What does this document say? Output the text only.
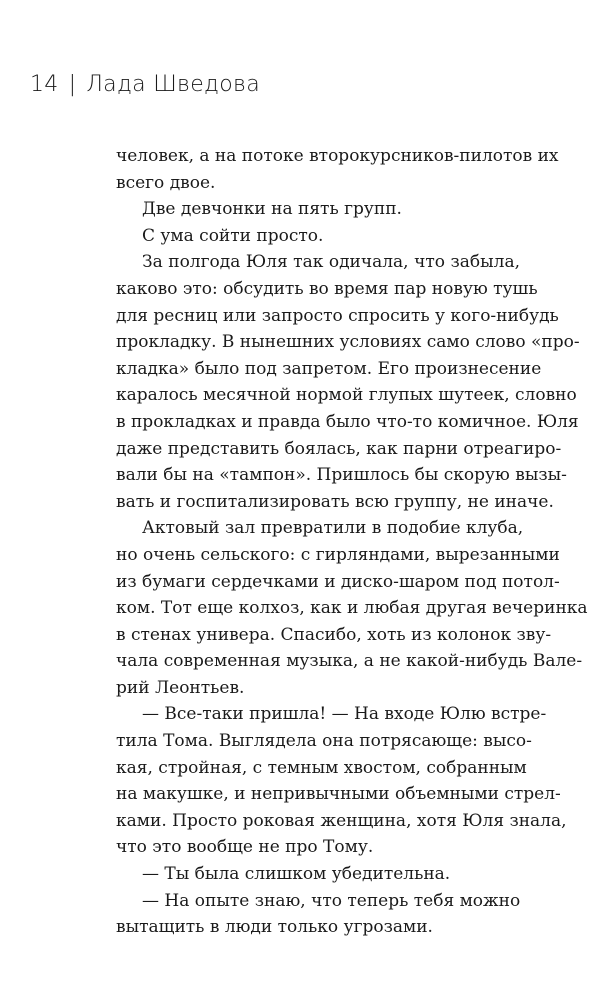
14 | Лада Шведова
человек, а на потоке второкурсников-пилотов их
всего двое.
Две девчонки на пять групп.
С ума сойти просто.
За полгода Юля так одичала, что забыла,
каково это: обсудить во время пар новую тушь
для ресниц или запросто спросить у кого-нибудь
прокладку. В нынешних условиях само слово «про-
кладка» было под запретом. Его произнесение
каралось месячной нормой глупых шутеек, словно
в прокладках и правда было что-то комичное. Юля
даже представить боялась, как парни отреагиро-
вали бы на «тампон». Пришлось бы скорую вызы-
вать и госпитализировать всю группу, не иначе.
Актовый зал превратили в подобие клуба,
но очень сельского: с гирляндами, вырезанными
из бумаги сердечками и диско-шаром под потол-
ком. Тот еще колхоз, как и любая другая вечеринка
в стенах универа. Спасибо, хоть из колонок зву-
чала современная музыка, а не какой-нибудь Вале-
рий Леонтьев.
— Все-таки пришла! — На входе Юлю встре-
тила Тома. Выглядела она потрясающе: высо-
кая, стройная, с темным хвостом, собранным
на макушке, и непривычными объемными стрел-
ками. Просто роковая женщина, хотя Юля знала,
что это вообще не про Тому.
— Ты была слишком убедительна.
— На опыте знаю, что теперь тебя можно
вытащить в люди только угрозами.
